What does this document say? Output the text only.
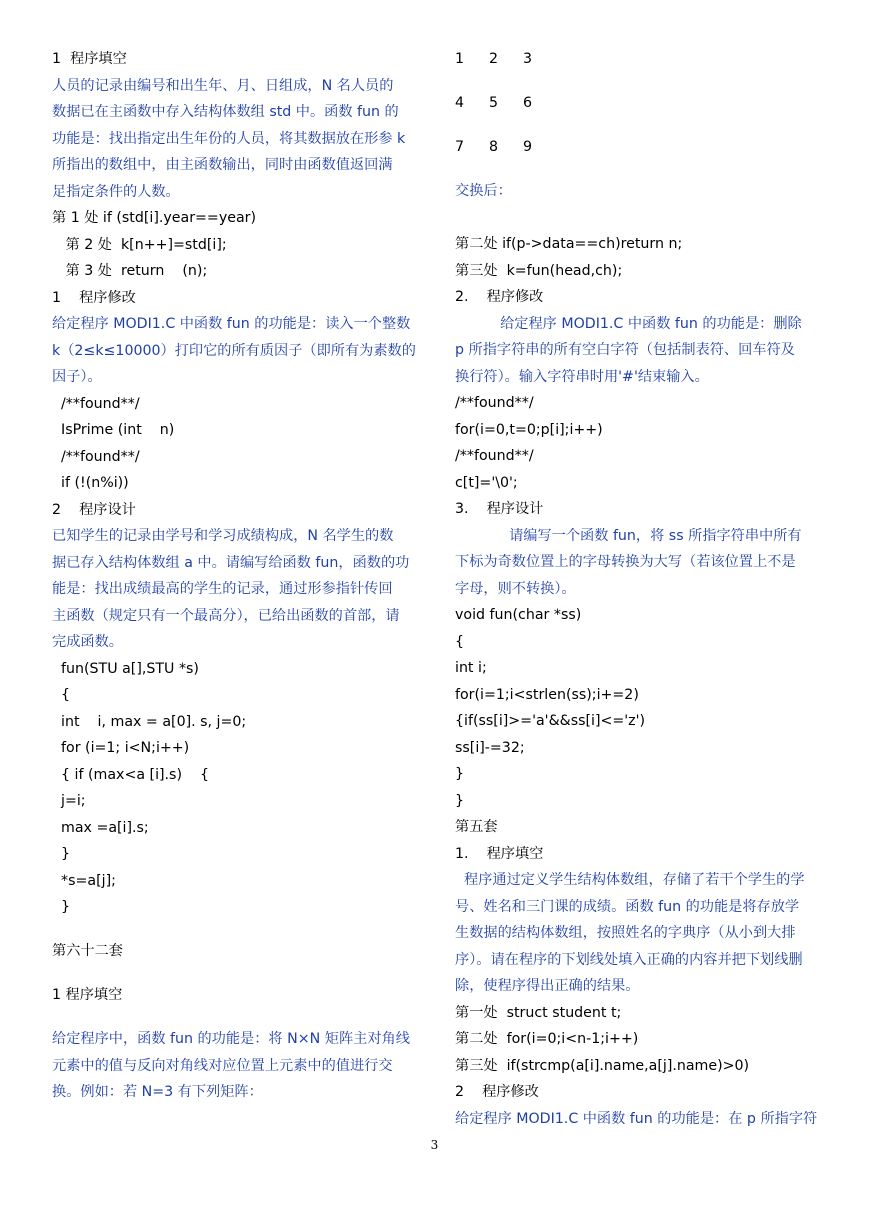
1  程序填空
人员的记录由编号和出生年、月、日组成，N 名人员的
数据已在主函数中存入结构体数组 std 中。函数 fun 的
功能是：找出指定出生年份的人员，将其数据放在形参 k
所指出的数组中，由主函数输出，同时由函数值返回满
足指定条件的人数。
第 1 处 if (std[i].year==year)
第 2 处  k[n++]=std[i];
第 3 处  return    (n);
1    程序修改
给定程序 MODI1.C 中函数 fun 的功能是：读入一个整数
k（2≤k≤10000）打印它的所有质因子（即所有为素数的
因子）。
/**found**/
IsPrime (int    n)
/**found**/
if (!(n%i))
2    程序设计
已知学生的记录由学号和学习成绩构成，N 名学生的数
据已存入结构体数组 a 中。请编写给函数 fun，函数的功
能是：找出成绩最高的学生的记录，通过形参指针传回
主函数（规定只有一个最高分），已给出函数的首部，请
完成函数。
fun(STU a[],STU *s)
{
int    i, max = a[0]. s, j=0;
for (i=1; i<N;i++)
{ if (max<a [i].s)    {
j=i;
max =a[i].s;
}
*s=a[j];
}
第六十二套
1 程序填空
给定程序中，函数 fun 的功能是：将 N×N 矩阵主对角线
元素中的值与反向对角线对应位置上元素中的值进行交
换。例如：若 N=3 有下列矩阵：
1 2 3
4 5 6
7 8 9
交换后：
第二处 if(p->data==ch)return n;
第三处  k=fun(head,ch);
2.    程序修改
给定程序 MODI1.C 中函数 fun 的功能是：删除
p 所指字符串的所有空白字符（包括制表符、回车符及
换行符）。输入字符串时用'#'结束输入。
/**found**/
for(i=0,t=0;p[i];i++)
/**found**/
c[t]='\0';
3.    程序设计
请编写一个函数 fun，将 ss 所指字符串中所有
下标为奇数位置上的字母转换为大写（若该位置上不是
字母，则不转换）。
void fun(char *ss)
{
int i;
for(i=1;i<strlen(ss);i+=2)
{if(ss[i]>='a'&&ss[i]<='z')
ss[i]-=32;
}
}
第五套
1.    程序填空
程序通过定义学生结构体数组，存储了若干个学生的学
号、姓名和三门课的成绩。函数 fun 的功能是将存放学
生数据的结构体数组，按照姓名的字典序（从小到大排
序）。请在程序的下划线处填入正确的内容并把下划线删
除，使程序得出正确的结果。
第一处  struct student t;
第二处  for(i=0;i<n-1;i++)
第三处  if(strcmp(a[i].name,a[j].name)>0)
2    程序修改
给定程序 MODI1.C 中函数 fun 的功能是：在 p 所指字符
3
